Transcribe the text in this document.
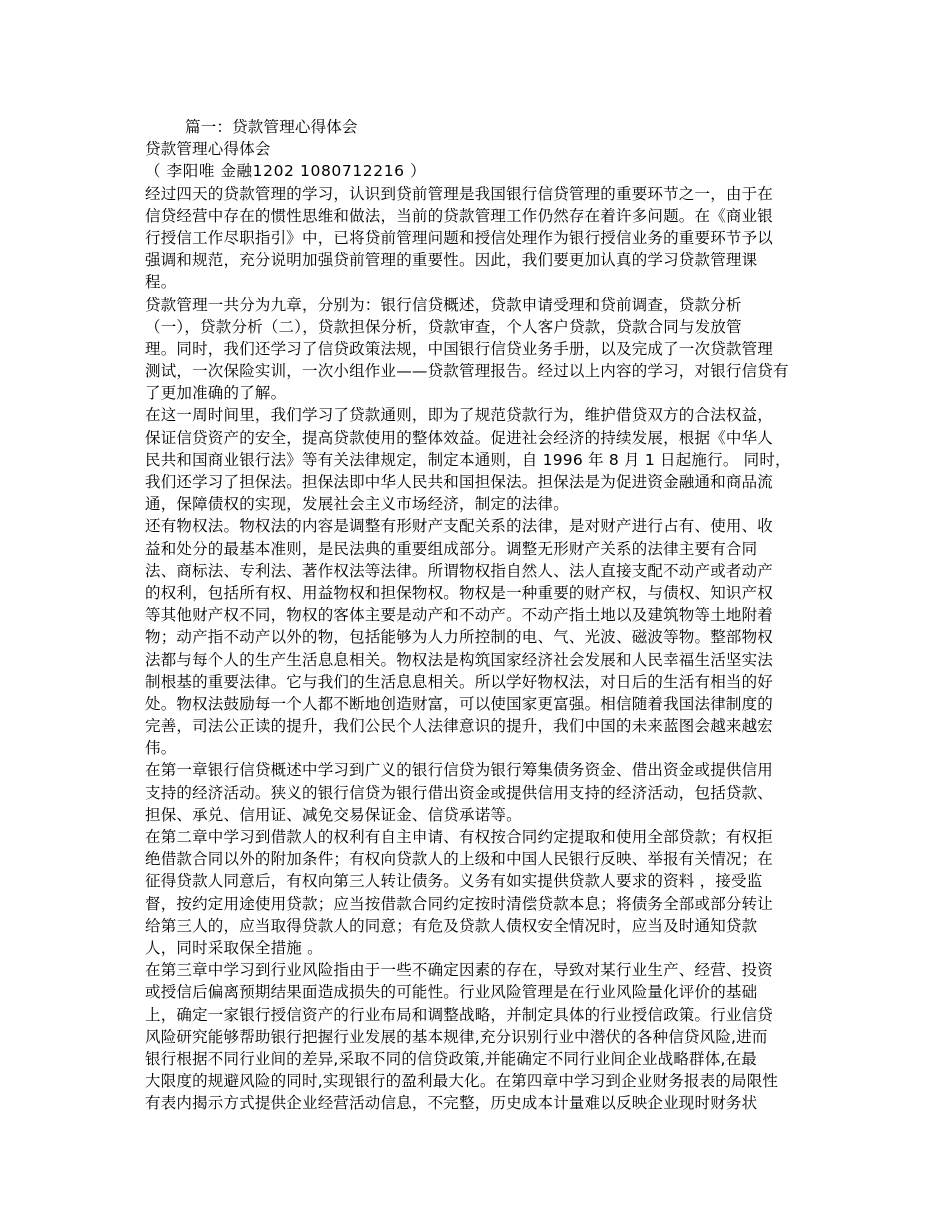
篇一：贷款管理心得体会
贷款管理心得体会
（ 李阳唯 金融1202 1080712216 ）
经过四天的贷款管理的学习，认识到贷前管理是我国银行信贷管理的重要环节之一，由于在
信贷经营中存在的惯性思维和做法，当前的贷款管理工作仍然存在着许多问题。在《商业银
行授信工作尽职指引》中，已将贷前管理问题和授信处理作为银行授信业务的重要环节予以
强调和规范，充分说明加强贷前管理的重要性。因此，我们要更加认真的学习贷款管理课
程。
贷款管理一共分为九章，分别为：银行信贷概述，贷款申请受理和贷前调查，贷款分析
（一），贷款分析（二），贷款担保分析，贷款审查，个人客户贷款，贷款合同与发放管
理。同时，我们还学习了信贷政策法规，中国银行信贷业务手册，以及完成了一次贷款管理
测试，一次保险实训，一次小组作业——贷款管理报告。经过以上内容的学习，对银行信贷有
了更加准确的了解。
在这一周时间里，我们学习了贷款通则，即为了规范贷款行为，维护借贷双方的合法权益，
保证信贷资产的安全，提高贷款使用的整体效益。促进社会经济的持续发展，根据《中华人
民共和国商业银行法》等有关法律规定，制定本通则，自 1996 年 8 月 1 日起施行。 同时，
我们还学习了担保法。担保法即中华人民共和国担保法。担保法是为促进资金融通和商品流
通，保障债权的实现，发展社会主义市场经济，制定的法律。
还有物权法。物权法的内容是调整有形财产支配关系的法律，是对财产进行占有、使用、收
益和处分的最基本准则，是民法典的重要组成部分。调整无形财产关系的法律主要有合同
法、商标法、专利法、著作权法等法律。所谓物权指自然人、法人直接支配不动产或者动产
的权利，包括所有权、用益物权和担保物权。物权是一种重要的财产权，与债权、知识产权
等其他财产权不同，物权的客体主要是动产和不动产。不动产指土地以及建筑物等土地附着
物；动产指不动产以外的物，包括能够为人力所控制的电、气、光波、磁波等物。整部物权
法都与每个人的生产生活息息相关。物权法是构筑国家经济社会发展和人民幸福生活坚实法
制根基的重要法律。它与我们的生活息息相关。所以学好物权法，对日后的生活有相当的好
处。物权法鼓励每一个人都不断地创造财富，可以使国家更富强。相信随着我国法律制度的
完善，司法公正读的提升，我们公民个人法律意识的提升，我们中国的未来蓝图会越来越宏
伟。
在第一章银行信贷概述中学习到广义的银行信贷为银行筹集债务资金、借出资金或提供信用
支持的经济活动。狭义的银行信贷为银行借出资金或提供信用支持的经济活动，包括贷款、
担保、承兑、信用证、减免交易保证金、信贷承诺等。
在第二章中学习到借款人的权利有自主申请、有权按合同约定提取和使用全部贷款；有权拒
绝借款合同以外的附加条件；有权向贷款人的上级和中国人民银行反映、举报有关情况；在
征得贷款人同意后，有权向第三人转让债务。义务有如实提供贷款人要求的资料 ，接受监
督，按约定用途使用贷款；应当按借款合同约定按时清偿贷款本息；将债务全部或部分转让
给第三人的，应当取得贷款人的同意；有危及贷款人债权安全情况时，应当及时通知贷款
人，同时采取保全措施 。
在第三章中学习到行业风险指由于一些不确定因素的存在，导致对某行业生产、经营、投资
或授信后偏离预期结果面造成损失的可能性。行业风险管理是在行业风险量化评价的基础
上，确定一家银行授信资产的行业布局和调整战略，并制定具体的行业授信政策。行业信贷
风险研究能够帮助银行把握行业发展的基本规律,充分识别行业中潜伏的各种信贷风险,进而
银行根据不同行业间的差异,采取不同的信贷政策,并能确定不同行业间企业战略群体,在最
大限度的规避风险的同时,实现银行的盈利最大化。在第四章中学习到企业财务报表的局限性
有表内揭示方式提供企业经营活动信息，不完整，历史成本计量难以反映企业现时财务状
